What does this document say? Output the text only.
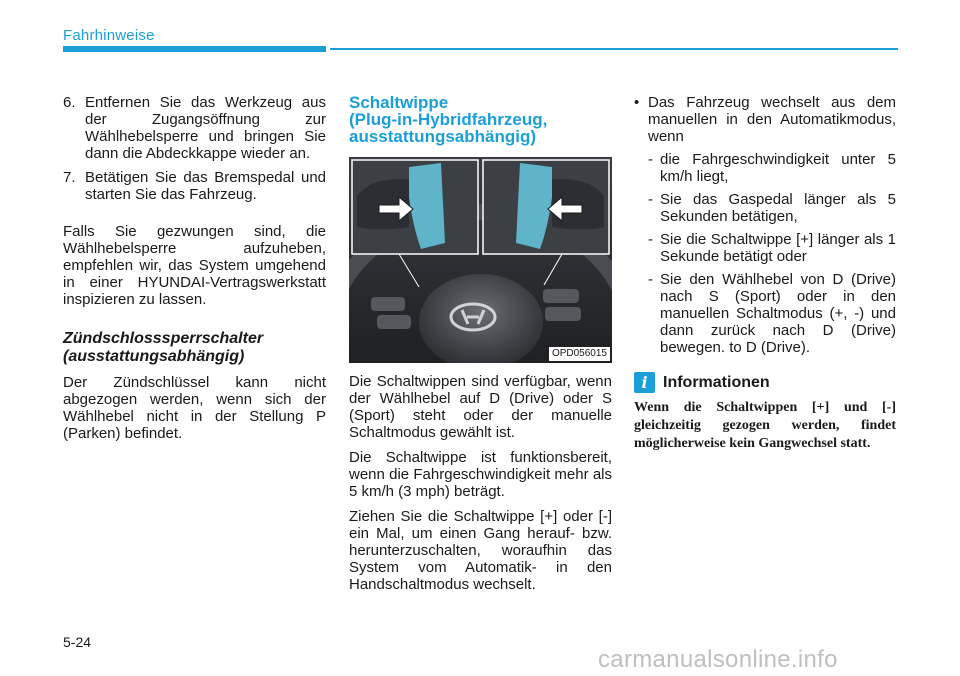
Fahrhinweise
6. Entfernen Sie das Werkzeug aus der Zugangsöffnung zur Wählhebelsperre und bringen Sie dann die Abdeckkappe wieder an.
7. Betätigen Sie das Bremspedal und starten Sie das Fahrzeug.

Falls Sie gezwungen sind, die Wählhebelsperre aufzuheben, empfehlen wir, das System umgehend in einer HYUNDAI-Vertragswerkstatt inspizieren zu lassen.

Zündschlosssperrschalter
(ausstattungsabhängig)

Der Zündschlüssel kann nicht abgezogen werden, wenn sich der Wählhebel nicht in der Stellung P (Parken) befindet.

Schaltwippe
(Plug-in-Hybridfahrzeug,
ausstattungsabhängig)
OPD056015

Die Schaltwippen sind verfügbar, wenn der Wählhebel auf D (Drive) oder S (Sport) steht oder der manuelle Schaltmodus gewählt ist.

Die Schaltwippe ist funktionsbereit, wenn die Fahrgeschwindigkeit mehr als 5 km/h (3 mph) beträgt.

Ziehen Sie die Schaltwippe [+] oder [-] ein Mal, um einen Gang herauf- bzw. herunterzuschalten, woraufhin das System vom Automatik- in den Handschaltmodus wechselt.

• Das Fahrzeug wechselt aus dem manuellen in den Automatikmodus, wenn
- die Fahrgeschwindigkeit unter 5 km/h liegt,
- Sie das Gaspedal länger als 5 Sekunden betätigen,
- Sie die Schaltwippe [+] länger als 1 Sekunde betätigt oder
- Sie den Wählhebel von D (Drive) nach S (Sport) oder in den manuellen Schaltmodus (+, -) und dann zurück nach D (Drive) bewegen. to D (Drive).
i Informationen

Wenn die Schaltwippen [+] und [-] gleichzeitig gezogen werden, findet möglicherweise kein Gangwechsel statt.

5-24
carmanualsonline.info
